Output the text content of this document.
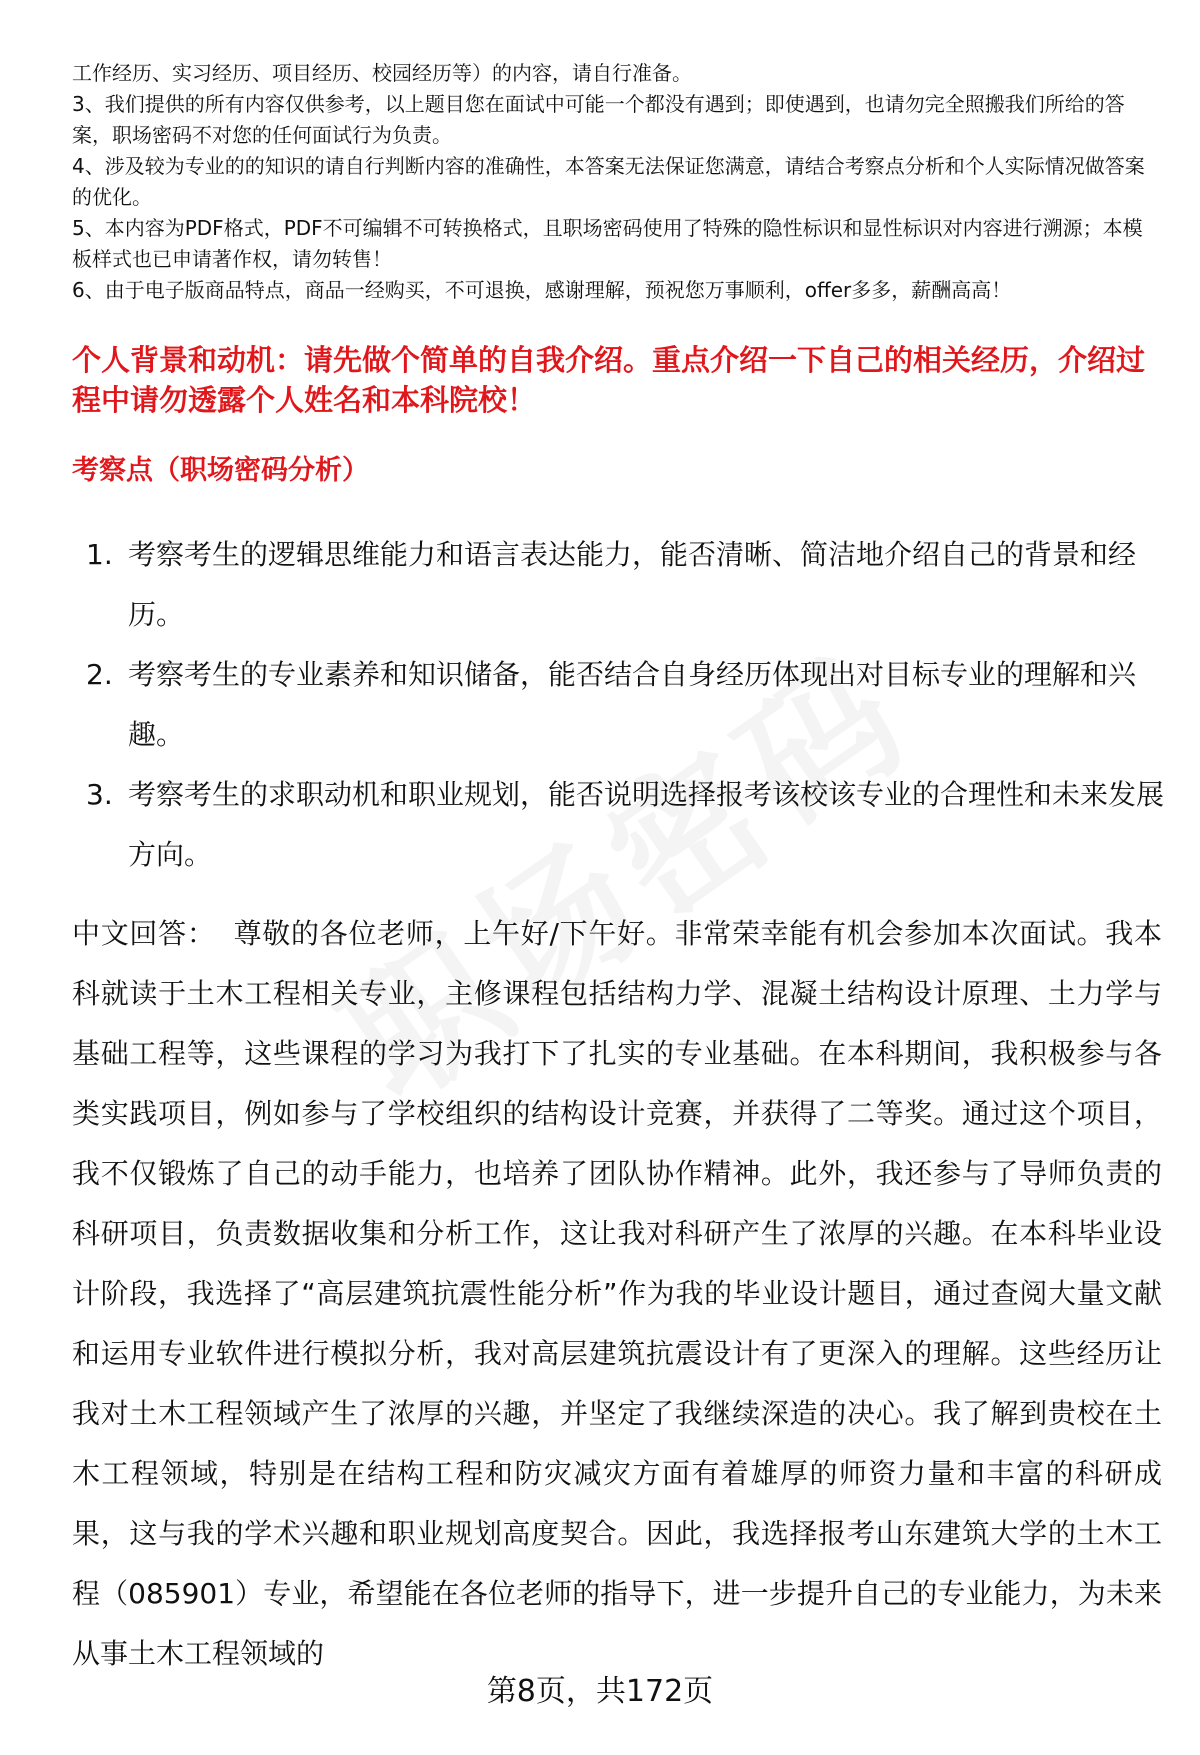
工作经历、实习经历、项目经历、校园经历等）的内容，请自行准备。

3、我们提供的所有内容仅供参考，以上题目您在面试中可能一个都没有遇到；即使遇到，也请勿完全照搬我们所给的答案，职场密码不对您的任何面试行为负责。

4、涉及较为专业的的知识的请自行判断内容的准确性，本答案无法保证您满意，请结合考察点分析和个人实际情况做答案的优化。

5、本内容为PDF格式，PDF不可编辑不可转换格式，且职场密码使用了特殊的隐性标识和显性标识对内容进行溯源；本模板样式也已申请著作权，请勿转售！

6、由于电子版商品特点，商品一经购买，不可退换，感谢理解，预祝您万事顺利，offer多多，薪酬高高！

个人背景和动机：请先做个简单的自我介绍。重点介绍一下自己的相关经历，介绍过程中请勿透露个人姓名和本科院校！
考察点（职场密码分析）
1. 考察考生的逻辑思维能力和语言表达能力，能否清晰、简洁地介绍自己的背景和经历。
2. 考察考生的专业素养和知识储备，能否结合自身经历体现出对目标专业的理解和兴趣。
3. 考察考生的求职动机和职业规划，能否说明选择报考该校该专业的合理性和未来发展方向。

中文回答： 尊敬的各位老师，上午好/下午好。非常荣幸能有机会参加本次面试。我本科就读于土木工程相关专业，主修课程包括结构力学、混凝土结构设计原理、土力学与基础工程等，这些课程的学习为我打下了扎实的专业基础。在本科期间，我积极参与各类实践项目，例如参与了学校组织的结构设计竞赛，并获得了二等奖。通过这个项目，我不仅锻炼了自己的动手能力，也培养了团队协作精神。此外，我还参与了导师负责的科研项目，负责数据收集和分析工作，这让我对科研产生了浓厚的兴趣。在本科毕业设计阶段，我选择了“高层建筑抗震性能分析”作为我的毕业设计题目，通过查阅大量文献和运用专业软件进行模拟分析，我对高层建筑抗震设计有了更深入的理解。这些经历让我对土木工程领域产生了浓厚的兴趣，并坚定了我继续深造的决心。我了解到贵校在土木工程领域，特别是在结构工程和防灾减灾方面有着雄厚的师资力量和丰富的科研成果，这与我的学术兴趣和职业规划高度契合。因此，我选择报考山东建筑大学的土木工程（085901）专业，希望能在各位老师的指导下，进一步提升自己的专业能力，为未来从事土木工程领域的

第8页，共172页
